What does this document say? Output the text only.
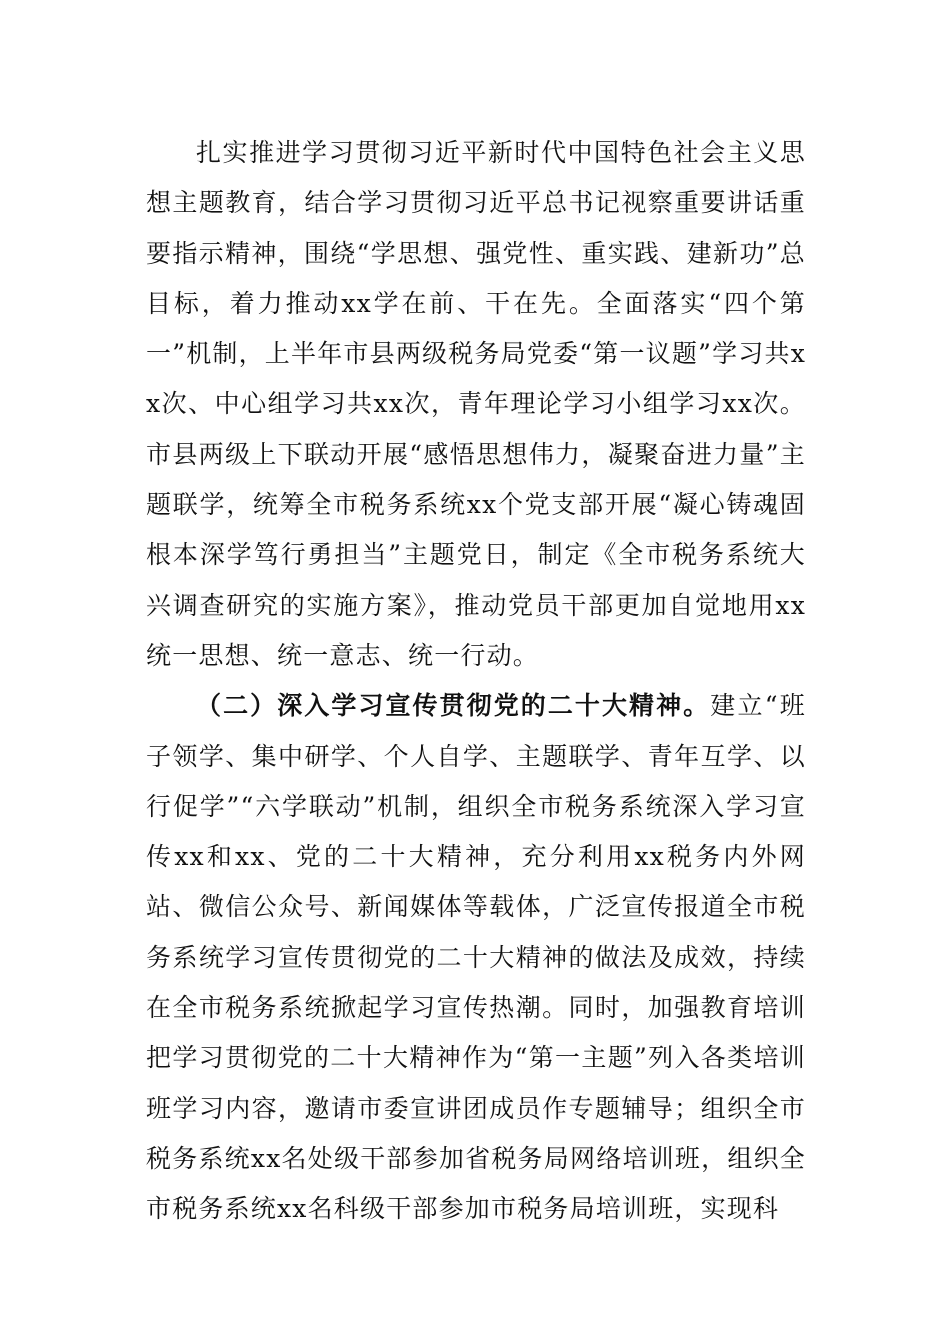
扎实推进学习贯彻习近平新时代中国特色社会主义思想主题教育，结合学习贯彻习近平总书记视察重要讲话重要指示精神，围绕“学思想、强党性、重实践、建新功”总目标，着力推动xx学在前、干在先。全面落实“四个第一”机制，上半年市县两级税务局党委“第一议题”学习共xx次、中心组学习共xx次，青年理论学习小组学习xx次。市县两级上下联动开展“感悟思想伟力，凝聚奋进力量”主题联学，统筹全市税务系统xx个党支部开展“凝心铸魂固根本深学笃行勇担当”主题党日，制定《全市税务系统大兴调查研究的实施方案》，推动党员干部更加自觉地用xx统一思想、统一意志、统一行动。

（二）深入学习宣传贯彻党的二十大精神。建立“班子领学、集中研学、个人自学、主题联学、青年互学、以行促学”“六学联动”机制，组织全市税务系统深入学习宣传xx和xx、党的二十大精神，充分利用xx税务内外网站、微信公众号、新闻媒体等载体，广泛宣传报道全市税务系统学习宣传贯彻党的二十大精神的做法及成效，持续在全市税务系统掀起学习宣传热潮。同时，加强教育培训把学习贯彻党的二十大精神作为“第一主题”列入各类培训班学习内容，邀请市委宣讲团成员作专题辅导；组织全市税务系统xx名处级干部参加省税务局网络培训班，组织全市税务系统xx名科级干部参加市税务局培训班，实现科
